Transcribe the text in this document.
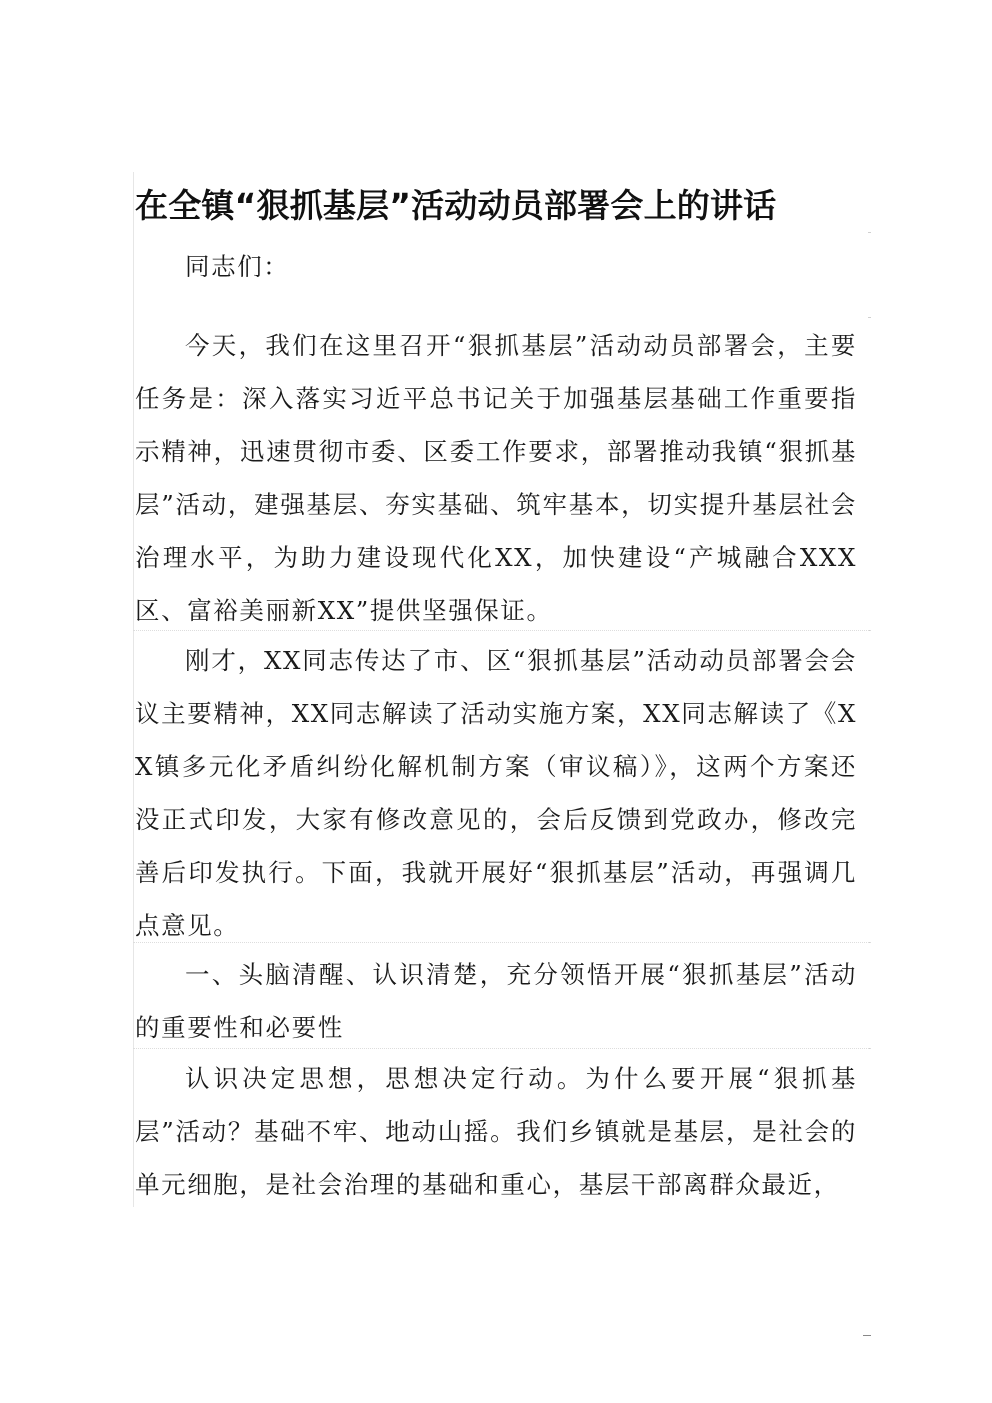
在全镇“狠抓基层”活动动员部署会上的讲话
同志们：
今天，我们在这里召开“狠抓基层”活动动员部署会，主要任务是：深入落实习近平总书记关于加强基层基础工作重要指示精神，迅速贯彻市委、区委工作要求，部署推动我镇“狠抓基层”活动，建强基层、夯实基础、筑牢基本，切实提升基层社会治理水平，为助力建设现代化XX，加快建设“产城融合XXX区、富裕美丽新XX”提供坚强保证。
刚才，XX同志传达了市、区“狠抓基层”活动动员部署会会议主要精神，XX同志解读了活动实施方案，XX同志解读了《XX镇多元化矛盾纠纷化解机制方案（审议稿）》，这两个方案还没正式印发，大家有修改意见的，会后反馈到党政办，修改完善后印发执行。下面，我就开展好“狠抓基层”活动，再强调几点意见。
一、头脑清醒、认识清楚，充分领悟开展“狠抓基层”活动的重要性和必要性
认识决定思想，思想决定行动。为什么要开展“狠抓基层”活动？基础不牢、地动山摇。我们乡镇就是基层，是社会的单元细胞，是社会治理的基础和重心，基层干部离群众最近，
